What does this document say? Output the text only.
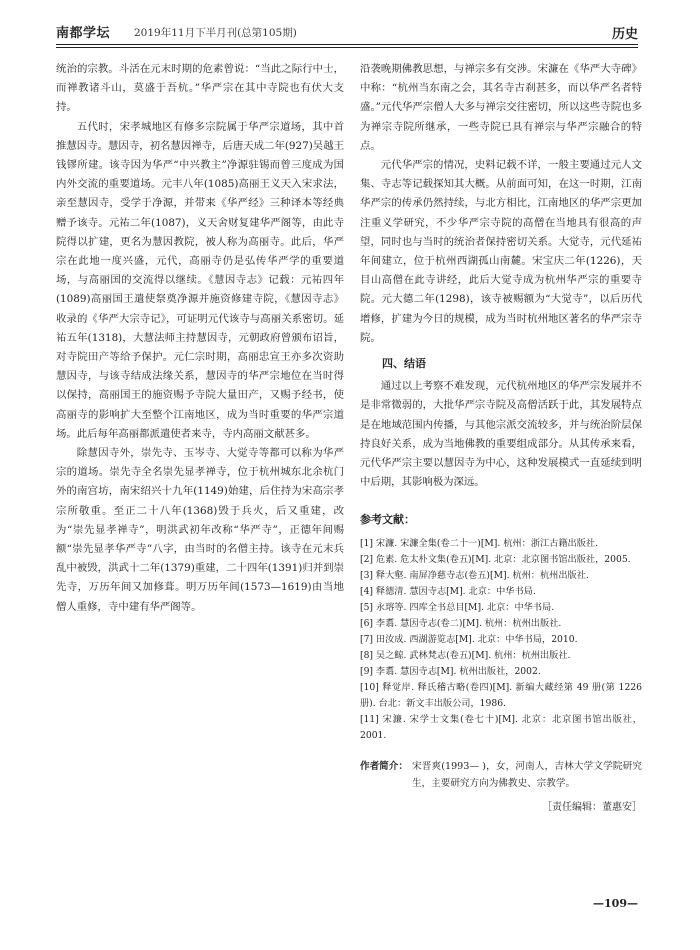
南都学坛 2019年11月下半月刊(总第105期)	历史

统治的宗教。斗活在元末时期的危素曾说：“当此之际行中士，而禅教诸斗山，莫盛于吾杭。”华严宗在其中寺院也有伏大支持。

五代时，宋孝城地区有修多宗院属于华严宗道场，其中首推慧因寺。慧因寺，初名慧因禅寺，后唐天成二年(927)吴越王钱镠所建。该寺因为华严“中兴教主”净源驻锡而曾三度成为国内外交流的重要道场。元丰八年(1085)高丽王义天入宋求法，亲至慧因寺，受学于净源，并带来《华严经》三种译本等经典赠予该寺。元祐二年(1087)，义天舍财复建华严阁等，由此寺院得以扩建，更名为慧因教院，被人称为高丽寺。此后，华严宗在此地一度兴盛，元代，高丽寺仍是弘传华严学的重要道场，与高丽国的交流得以继续。《慧因寺志》记载：元祐四年(1089)高丽国王遣使祭奠净源并施资修建寺院，《慧因寺志》收录的《华严大宗寺记》，可证明元代该寺与高丽关系密切。延祐五年(1318)，大慧法师主持慧因寺，元朝政府曾颁布诏旨，对寺院田产等给予保护。元仁宗时期，高丽忠宣王亦多次资助慧因寺，与该寺结成法缘关系，慧因寺的华严宗地位在当时得以保持，高丽国王的施资赐予寺院大量田产，又赐予经书，使高丽寺的影响扩大至整个江南地区，成为当时重要的华严宗道场。此后每年高丽都派遣使者来寺，寺内高丽文献甚多。

除慧因寺外，崇先寺、玉岑寺、大觉寺等都可以称为华严宗的道场。崇先寺全名崇先显孝禅寺，位于杭州城东北余杭门外的南宫坊，南宋绍兴十九年(1149)始建，后住持为宋高宗孝宗所敬重。至正二十八年(1368)毁于兵火，后又重建，改为“崇先显孝禅寺”，明洪武初年改称“华严寺”，正德年间赐额“崇先显孝华严寺”八字，由当时的名僧主持。该寺在元末兵乱中被毁，洪武十二年(1379)重建，二十四年(1391)归并到崇先寺，万历年间又加修葺。明万历年间(1573—1619)由当地僧人重修，寺中建有华严阁等。

沿袭晚期佛教思想，与禅宗多有交涉。宋濂在《华严大寺碑》中称：“杭州当东南之会，其名寺古刹甚多，而以华严名者特盛。”元代华严宗僧人大多与禅宗交往密切，所以这些寺院也多为禅宗寺院所继承，一些寺院已具有禅宗与华严宗融合的特点。

元代华严宗的情况，史料记载不详，一般主要通过元人文集、寺志等记载探知其大概。从前面可知，在这一时期，江南华严宗的传承仍然持续，与北方相比，江南地区的华严宗更加注重义学研究，不少华严宗寺院的高僧在当地具有很高的声望，同时也与当时的统治者保持密切关系。大觉寺，元代延祐年间建立，位于杭州西湖孤山南麓。宋宝庆二年(1226)，天目山高僧在此寺讲经，此后大觉寺成为杭州华严宗的重要寺院。元大德二年(1298)，该寺被赐额为“大觉寺”，以后历代增修，扩建为今日的规模，成为当时杭州地区著名的华严宗寺院。

四、结语

通过以上考察不难发现，元代杭州地区的华严宗发展并不是非常微弱的，大批华严宗寺院及高僧活跃于此，其发展特点是在地域范围内传播，与其他宗派交流较多，并与统治阶层保持良好关系，成为当地佛教的重要组成部分。从其传承来看，元代华严宗主要以慧因寺为中心，这种发展模式一直延续到明中后期，其影响极为深远。

参考文献：
[1] 宋濂. 宋濂全集(卷二十一)[M]. 杭州：浙江古籍出版社.
[2] 危素. 危太朴文集(卷五)[M]. 北京：北京图书馆出版社，2005.
[3] 释大壑. 南屏净慈寺志(卷五)[M]. 杭州：杭州出版社.
[4] 释德清. 慧因寺志[M]. 北京：中华书局.
[5] 永瑢等. 四库全书总目[M]. 北京：中华书局.
[6] 李翥. 慧因寺志(卷二)[M]. 杭州：杭州出版社.
[7] 田汝成. 西湖游览志[M]. 北京：中华书局，2010.
[8] 吴之鲸. 武林梵志(卷五)[M]. 杭州：杭州出版社.
[9] 李翥. 慧因寺志[M]. 杭州出版社，2002.
[10] 释觉岸. 释氏稽古略(卷四)[M]. 新编大藏经第 49 册(第 1226 册). 台北：新文丰出版公司，1986.
[11] 宋濂. 宋学士文集(卷七十)[M]. 北京：北京图书馆出版社，2001.
作者简介： 宋晋爽(1993— )，女，河南人，吉林大学文学院研究生，主要研究方向为佛教史、宗教学。
［责任编辑：董惠安］
—109—
